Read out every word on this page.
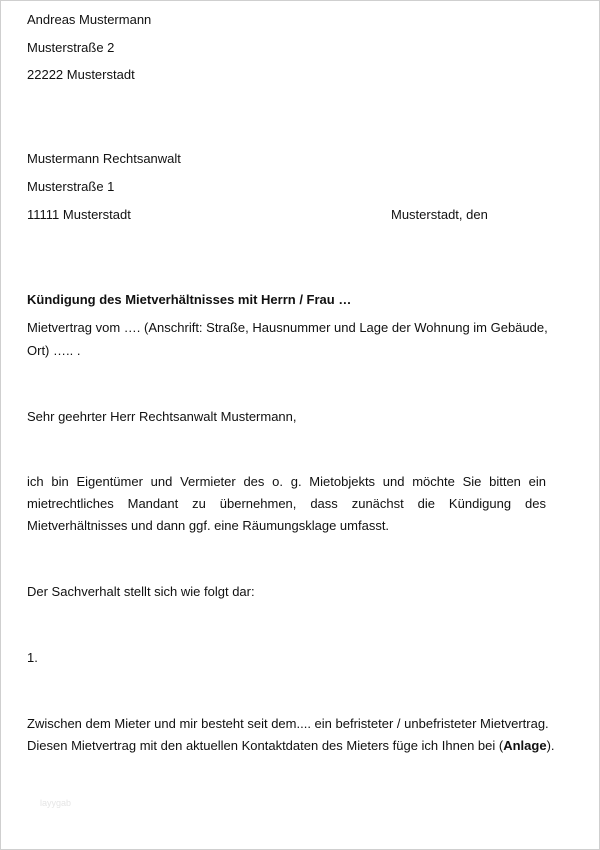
Andreas Mustermann
Musterstraße 2
22222 Musterstadt
Mustermann Rechtsanwalt
Musterstraße 1
11111 Musterstadt	Musterstadt, den
Kündigung des Mietverhältnisses mit Herrn / Frau …
Mietvertrag vom …. (Anschrift: Straße, Hausnummer und Lage der Wohnung im Gebäude,
Ort) ….. .
Sehr geehrter Herr Rechtsanwalt Mustermann,
ich bin Eigentümer und Vermieter des o. g. Mietobjekts und möchte Sie bitten ein
mietrechtliches Mandant zu übernehmen, dass zunächst die Kündigung des
Mietverhältnisses und dann ggf. eine Räumungsklage umfasst.
Der Sachverhalt stellt sich wie folgt dar:
1.
Zwischen dem Mieter und mir besteht seit dem.... ein befristeter / unbefristeter Mietvertrag.
Diesen Mietvertrag mit den aktuellen Kontaktdaten des Mieters füge ich Ihnen bei (Anlage).
layygab
